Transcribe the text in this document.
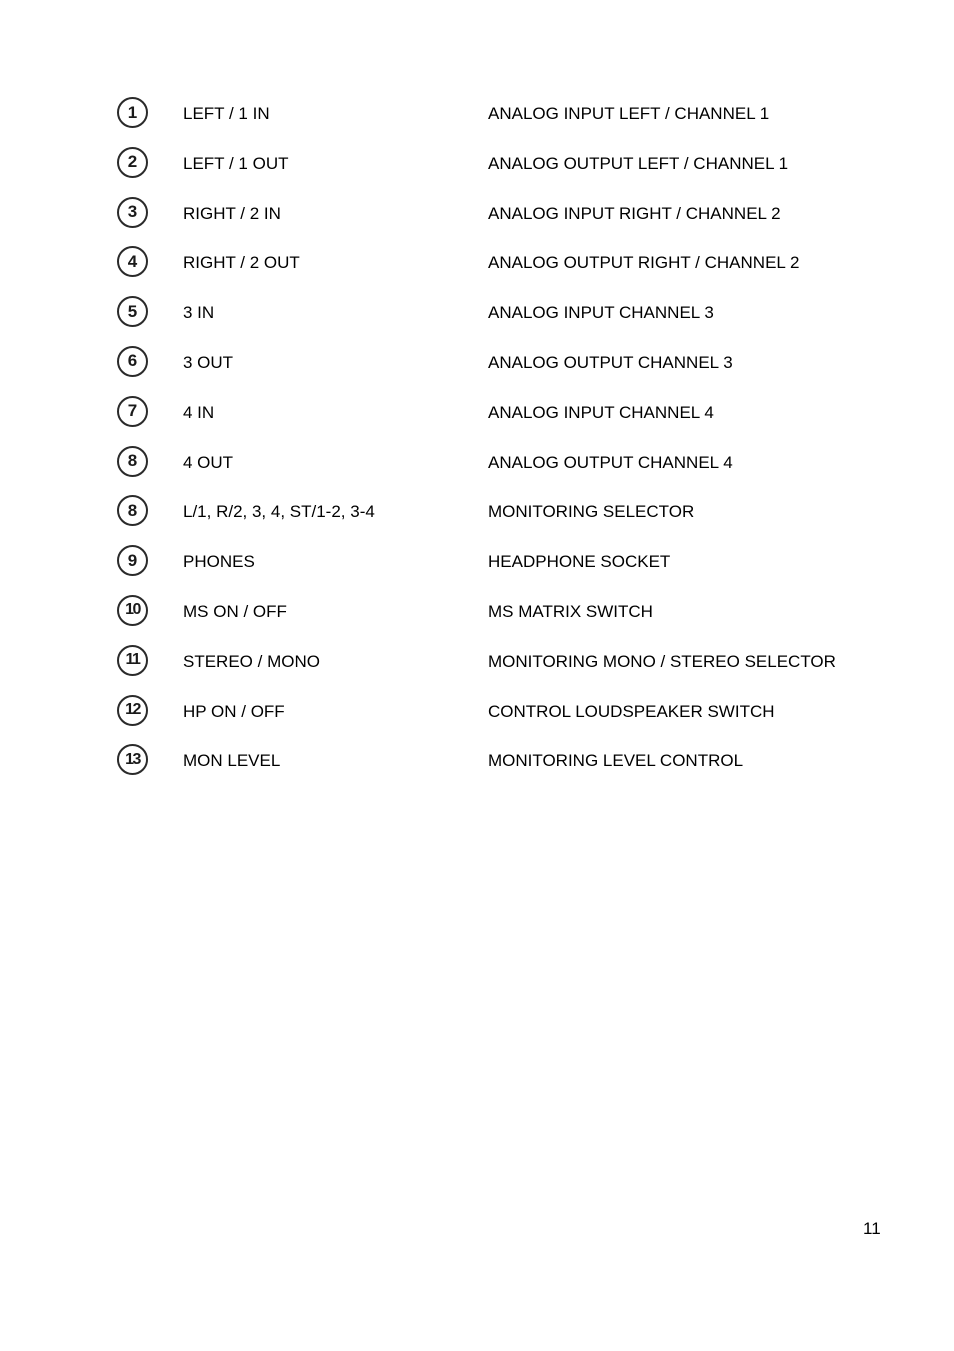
1	LEFT / 1 IN	ANALOG INPUT LEFT / CHANNEL 1
2	LEFT / 1 OUT	ANALOG OUTPUT LEFT / CHANNEL 1
3	RIGHT / 2 IN	ANALOG INPUT RIGHT / CHANNEL 2
4	RIGHT / 2 OUT	ANALOG OUTPUT RIGHT / CHANNEL 2
5	3 IN	ANALOG INPUT CHANNEL 3
6	3 OUT	ANALOG OUTPUT CHANNEL 3
7	4 IN	ANALOG INPUT CHANNEL 4
8	4 OUT	ANALOG OUTPUT CHANNEL 4
8	L/1, R/2, 3, 4, ST/1-2, 3-4	MONITORING SELECTOR
9	PHONES	HEADPHONE SOCKET
10	MS ON / OFF	MS MATRIX SWITCH
11	STEREO / MONO	MONITORING MONO / STEREO SELECTOR
12	HP ON / OFF	CONTROL LOUDSPEAKER SWITCH
13	MON LEVEL	MONITORING LEVEL CONTROL
11
